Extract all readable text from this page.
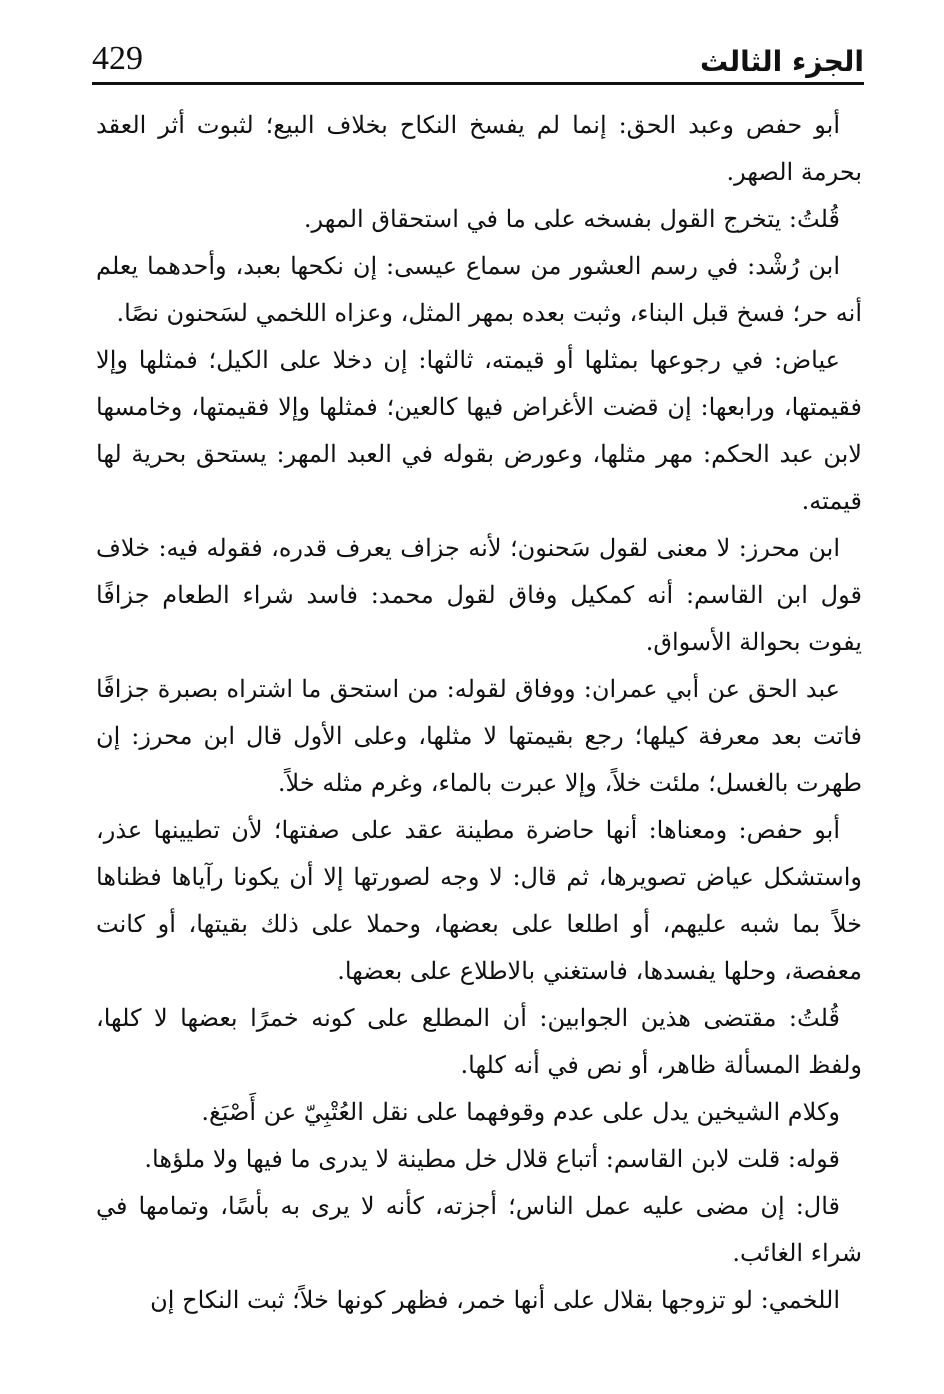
429	الجزء الثالث

أبو حفص وعبد الحق: إنما لم يفسخ النكاح بخلاف البيع؛ لثبوت أثر العقد بحرمة الصهر.

قُلتُ: يتخرج القول بفسخه على ما في استحقاق المهر.

ابن رُشْد: في رسم العشور من سماع عيسى: إن نكحها بعبد، وأحدهما يعلم أنه حر؛ فسخ قبل البناء، وثبت بعده بمهر المثل، وعزاه اللخمي لسَحنون نصًا.

عياض: في رجوعها بمثلها أو قيمته، ثالثها: إن دخلا على الكيل؛ فمثلها وإلا فقيمتها، ورابعها: إن قضت الأغراض فيها كالعين؛ فمثلها وإلا فقيمتها، وخامسها لابن عبد الحكم: مهر مثلها، وعورض بقوله في العبد المهر: يستحق بحرية لها قيمته.

ابن محرز: لا معنى لقول سَحنون؛ لأنه جزاف يعرف قدره، فقوله فيه: خلاف قول ابن القاسم: أنه كمكيل وفاق لقول محمد: فاسد شراء الطعام جزافًا يفوت بحوالة الأسواق.

عبد الحق عن أبي عمران: ووفاق لقوله: من استحق ما اشتراه بصبرة جزافًا فاتت بعد معرفة كيلها؛ رجع بقيمتها لا مثلها، وعلى الأول قال ابن محرز: إن طهرت بالغسل؛ ملئت خلاً، وإلا عبرت بالماء، وغرم مثله خلاً.

أبو حفص: ومعناها: أنها حاضرة مطينة عقد على صفتها؛ لأن تطيينها عذر، واستشكل عياض تصويرها، ثم قال: لا وجه لصورتها إلا أن يكونا رآياها فظناها خلاً بما شبه عليهم، أو اطلعا على بعضها، وحملا على ذلك بقيتها، أو كانت معفصة، وحلها يفسدها، فاستغني بالاطلاع على بعضها.

قُلتُ: مقتضى هذين الجوابين: أن المطلع على كونه خمرًا بعضها لا كلها، ولفظ المسألة ظاهر، أو نص في أنه كلها.

وكلام الشيخين يدل على عدم وقوفهما على نقل العُتْبِيّ عن أَصْبَغ.

قوله: قلت لابن القاسم: أتباع قلال خل مطينة لا يدرى ما فيها ولا ملؤها.

قال: إن مضى عليه عمل الناس؛ أجزته، كأنه لا يرى به بأسًا، وتمامها في شراء الغائب.

اللخمي: لو تزوجها بقلال على أنها خمر، فظهر كونها خلاً؛ ثبت النكاح إن
